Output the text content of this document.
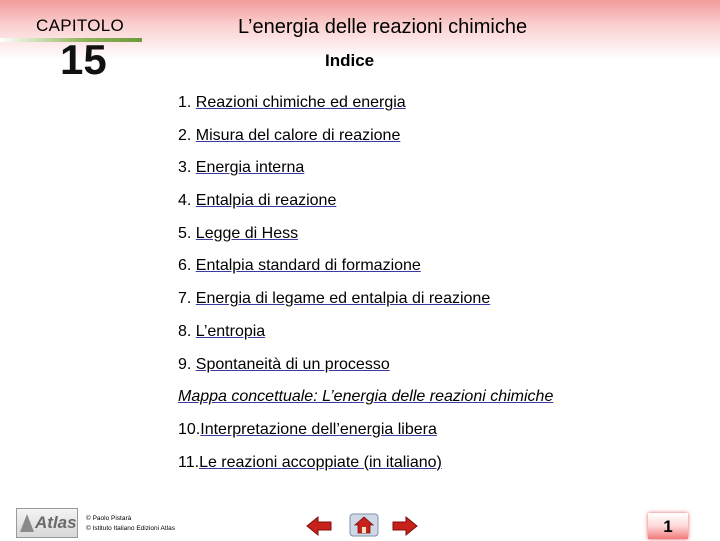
CAPITOLO
15
L’energia delle reazioni chimiche
Indice
1. Reazioni chimiche ed energia
2. Misura del calore di reazione
3. Energia interna
4. Entalpia di reazione
5. Legge di Hess
6. Entalpia standard di formazione
7. Energia di legame ed entalpia di reazione
8. L’entropia
9. Spontaneità di un processo
Mappa concettuale: L’energia delle reazioni chimiche
10.Interpretazione dell’energia libera
11.Le reazioni accoppiate (in italiano)
Atlas © Paolo Pistarà
© Istituto Italiano Edizioni Atlas	1
